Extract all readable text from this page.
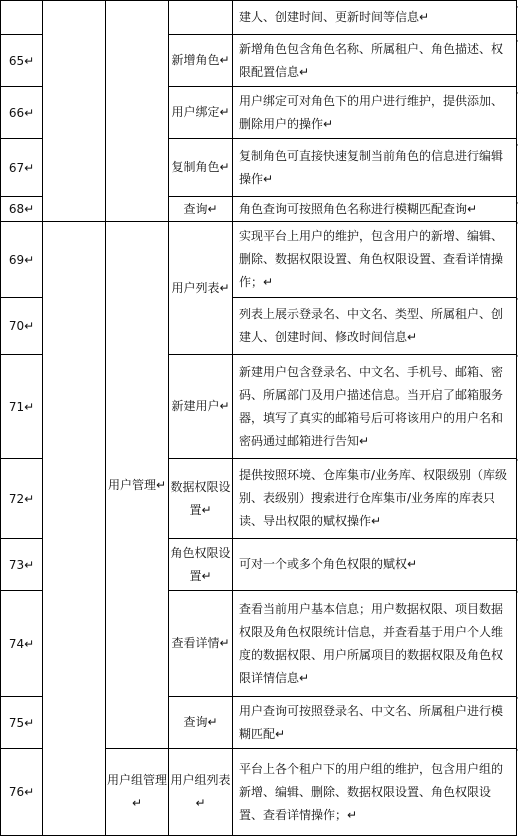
				建人、创建时间、更新时间等信息↵
65↵			新增角色↵	新增角色包含角色名称、所属租户、角色描述、权限配置信息↵
66↵			用户绑定↵	用户绑定可对角色下的用户进行维护，提供添加、删除用户的操作↵
67↵			复制角色↵	复制角色可直接快速复制当前角色的信息进行编辑操作↵
68↵			查询↵	角色查询可按照角色名称进行模糊匹配查询↵
69↵		用户管理↵	用户列表↵	实现平台上用户的维护，包含用户的新增、编辑、删除、数据权限设置、角色权限设置、查看详情操作；↵
70↵				列表上展示登录名、中文名、类型、所属租户、创建人、创建时间、修改时间信息↵
71↵			新建用户↵	新建用户包含登录名、中文名、手机号、邮箱、密码、所属部门及用户描述信息。当开启了邮箱服务器，填写了真实的邮箱号后可将该用户的用户名和密码通过邮箱进行告知↵
72↵			数据权限设置↵	提供按照环境、仓库集市/业务库、权限级别（库级别、表级别）搜索进行仓库集市/业务库的库表只读、导出权限的赋权操作↵
73↵			角色权限设置↵	可对一个或多个角色权限的赋权↵
74↵			查看详情↵	查看当前用户基本信息；用户数据权限、项目数据权限及角色权限统计信息，并查看基于用户个人维度的数据权限、用户所属项目的数据权限及角色权限详情信息↵
75↵			查询↵	用户查询可按照登录名、中文名、所属租户进行模糊匹配↵
76↵		用户组管理↵	用户组列表↵	平台上各个租户下的用户组的维护，包含用户组的新增、编辑、删除、数据权限设置、角色权限设置、查看详情操作；↵
·
·
·
·
·
·
·
·
·
·
·
·
·
